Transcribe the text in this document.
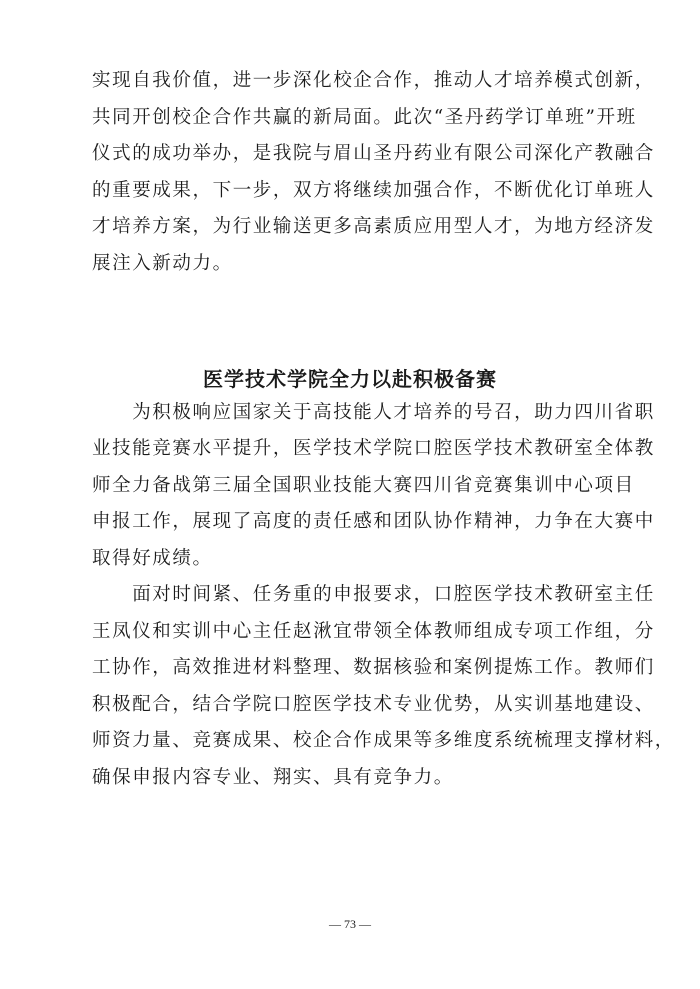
实现自我价值，进一步深化校企合作，推动人才培养模式创新，
共同开创校企合作共赢的新局面。此次“圣丹药学订单班”开班
仪式的成功举办，是我院与眉山圣丹药业有限公司深化产教融合
的重要成果，下一步，双方将继续加强合作，不断优化订单班人
才培养方案，为行业输送更多高素质应用型人才，为地方经济发
展注入新动力。
医学技术学院全力以赴积极备赛
　　为积极响应国家关于高技能人才培养的号召，助力四川省职
业技能竞赛水平提升，医学技术学院口腔医学技术教研室全体教
师全力备战第三届全国职业技能大赛四川省竞赛集训中心项目
申报工作，展现了高度的责任感和团队协作精神，力争在大赛中
取得好成绩。
　　面对时间紧、任务重的申报要求，口腔医学技术教研室主任
王凤仪和实训中心主任赵湫宜带领全体教师组成专项工作组，分
工协作，高效推进材料整理、数据核验和案例提炼工作。教师们
积极配合，结合学院口腔医学技术专业优势，从实训基地建设、
师资力量、竞赛成果、校企合作成果等多维度系统梳理支撑材料，
确保申报内容专业、翔实、具有竞争力。
— 73 —
